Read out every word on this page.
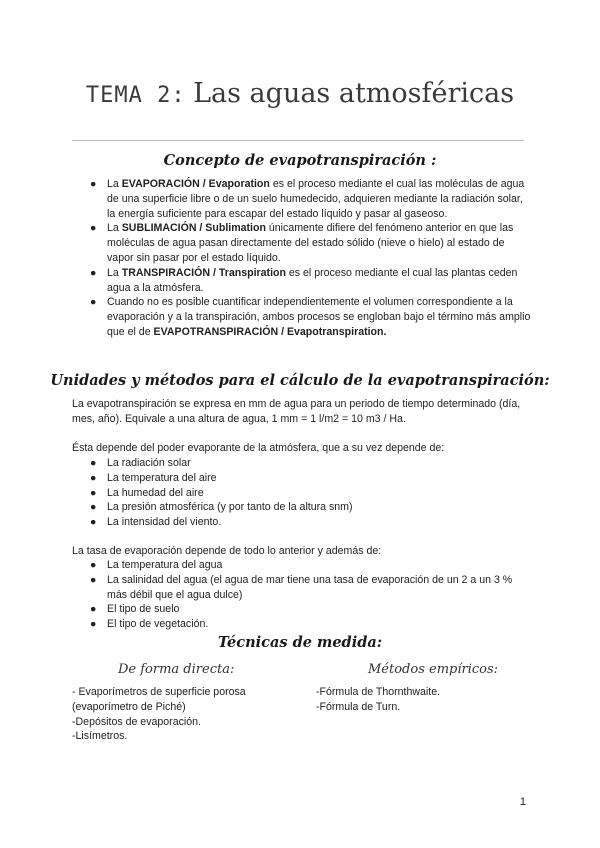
TEMA 2: Las aguas atmosféricas
Concepto de evapotranspiración :
● La EVAPORACIÓN / Evaporation es el proceso mediante el cual las moléculas de agua de una superficie libre o de un suelo humedecido, adquieren mediante la radiación solar, la energía suficiente para escapar del estado líquido y pasar al gaseoso.
● La SUBLIMACIÓN / Sublimation únicamente difiere del fenómeno anterior en que las moléculas de agua pasan directamente del estado sólido (nieve o hielo) al estado de vapor sin pasar por el estado líquido.
● La TRANSPIRACIÓN / Transpiration es el proceso mediante el cual las plantas ceden agua a la atmósfera.
● Cuando no es posible cuantificar independientemente el volumen correspondiente a la evaporación y a la transpiración, ambos procesos se engloban bajo el término más amplio que el de EVAPOTRANSPIRACIÓN / Evapotranspiration.
Unidades y métodos para el cálculo de la evapotranspiración:

La evapotranspiración se expresa en mm de agua para un periodo de tiempo determinado (día, mes, año). Equivale a una altura de agua, 1 mm = 1 l/m2 = 10 m3 / Ha.

Ésta depende del poder evaporante de la atmósfera, que a su vez depende de:

● La radiación solar
● La temperatura del aire
● La humedad del aire
● La presión atmosférica (y por tanto de la altura snm)
● La intensidad del viento.

La tasa de evaporación depende de todo lo anterior y además de:

● La temperatura del agua
● La salinidad del agua (el agua de mar tiene una tasa de evaporación de un 2 a un 3 % más débil que el agua dulce)
● El tipo de suelo
● El tipo de vegetación.
Técnicas de medida:
De forma directa:	Métodos empíricos:
- Evaporímetros de superficie porosa
(evaporímetro de Piché)
-Depósitos de evaporación.
-Lisímetros.
-Fórmula de Thornthwaite.
-Fórmula de Turn.
1
